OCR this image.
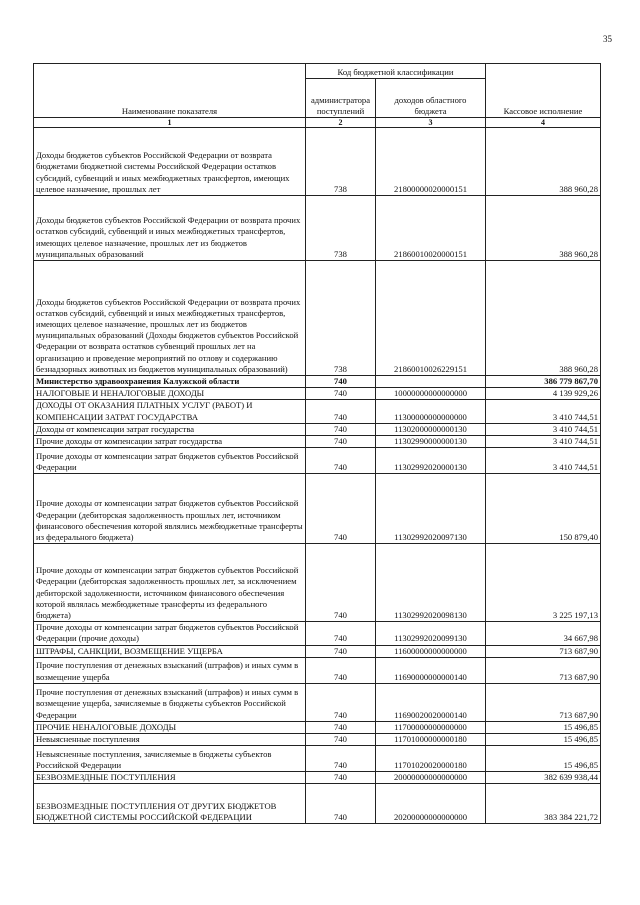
35
Наименование показателя	Код бюджетной классификации		Кассовое исполнение
	администратора поступлений	доходов областного бюджета	
1	2	3	4
Доходы бюджетов субъектов Российской Федерации от возврата бюджетами бюджетной системы Российской Федерации остатков субсидий, субвенций и иных межбюджетных трансфертов, имеющих целевое назначение, прошлых лет	738	21800000020000151	388 960,28
Доходы бюджетов субъектов Российской Федерации от возврата прочих остатков субсидий, субвенций и иных межбюджетных трансфертов, имеющих целевое назначение, прошлых лет из бюджетов муниципальных образований	738	21860010020000151	388 960,28
Доходы бюджетов субъектов Российской Федерации от возврата прочих остатков субсидий, субвенций и иных межбюджетных трансфертов, имеющих целевое назначение, прошлых лет из бюджетов муниципальных образований (Доходы бюджетов субъектов Российской Федерации от возврата остатков субвенций прошлых лет на организацию и проведение мероприятий по отлову и содержанию безнадзорных животных из бюджетов муниципальных образований)	738	21860010026229151	388 960,28
Министерство здравоохранения Калужской области	740		386 779 867,70
НАЛОГОВЫЕ И НЕНАЛОГОВЫЕ ДОХОДЫ	740	10000000000000000	4 139 929,26
ДОХОДЫ ОТ ОКАЗАНИЯ ПЛАТНЫХ УСЛУГ (РАБОТ) И КОМПЕНСАЦИИ ЗАТРАТ ГОСУДАРСТВА	740	11300000000000000	3 410 744,51
Доходы от компенсации затрат государства	740	11302000000000130	3 410 744,51
Прочие доходы от компенсации затрат государства	740	11302990000000130	3 410 744,51
Прочие доходы от компенсации затрат бюджетов субъектов Российской Федерации	740	11302992020000130	3 410 744,51
Прочие доходы от компенсации затрат бюджетов субъектов Российской Федерации (дебиторская задолженность прошлых лет, источником финансового обеспечения которой являлись межбюджетные трансферты из федерального бюджета)	740	11302992020097130	150 879,40
Прочие доходы от компенсации затрат бюджетов субъектов Российской Федерации (дебиторская задолженность прошлых лет, за исключением дебиторской задолженности, источником финансового обеспечения которой являлась межбюджетные трансферты из федерального бюджета)	740	11302992020098130	3 225 197,13
Прочие доходы от компенсации затрат бюджетов субъектов Российской Федерации (прочие доходы)	740	11302992020099130	34 667,98
ШТРАФЫ, САНКЦИИ, ВОЗМЕЩЕНИЕ УЩЕРБА	740	11600000000000000	713 687,90
Прочие поступления от денежных взысканий (штрафов) и иных сумм в возмещение ущерба	740	11690000000000140	713 687,90
Прочие поступления от денежных взысканий (штрафов) и иных сумм в возмещение ущерба, зачисляемые в бюджеты субъектов Российской Федерации	740	11690020020000140	713 687,90
ПРОЧИЕ НЕНАЛОГОВЫЕ ДОХОДЫ	740	11700000000000000	15 496,85
Невыясненные поступления	740	11701000000000180	15 496,85
Невыясненные поступления, зачисляемые в бюджеты субъектов Российской Федерации	740	11701020020000180	15 496,85
БЕЗВОЗМЕЗДНЫЕ ПОСТУПЛЕНИЯ	740	20000000000000000	382 639 938,44
БЕЗВОЗМЕЗДНЫЕ ПОСТУПЛЕНИЯ ОТ ДРУГИХ БЮДЖЕТОВ БЮДЖЕТНОЙ СИСТЕМЫ РОССИЙСКОЙ ФЕДЕРАЦИИ	740	20200000000000000	383 384 221,72
